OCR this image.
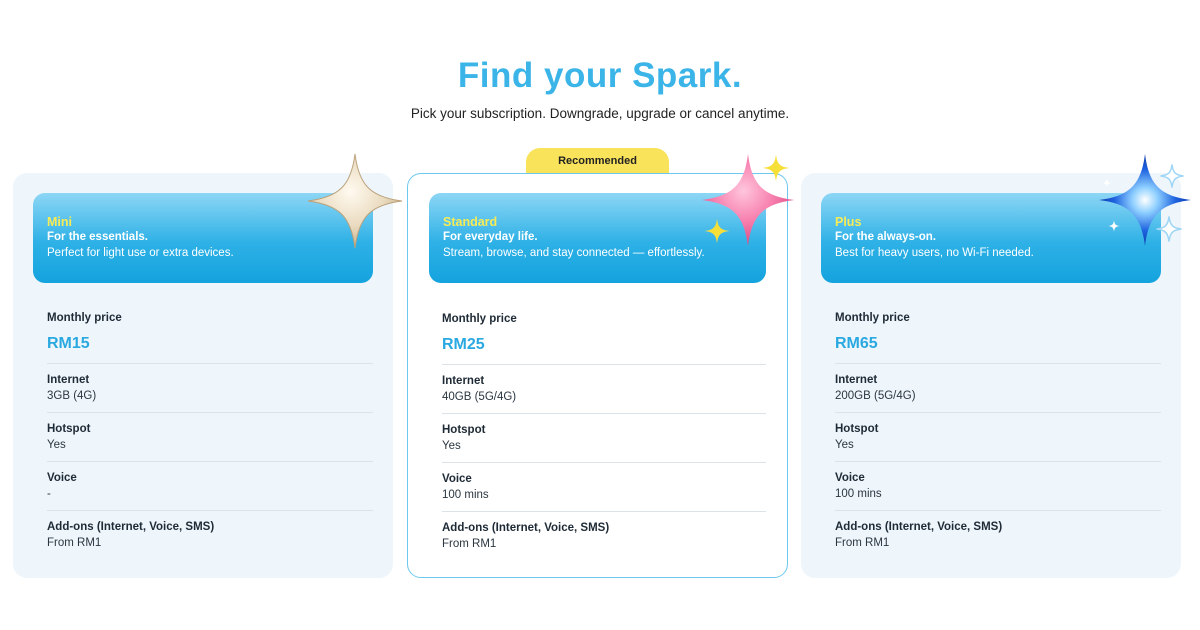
Find your Spark.

Pick your subscription. Downgrade, upgrade or cancel anytime.

Mini
For the essentials.
Perfect for light use or extra devices.
Monthly price
RM15
Internet
3GB (4G)
Hotspot
Yes
Voice
-
Add-ons (Internet, Voice, SMS)
From RM1
Recommended
Standard
For everyday life.
Stream, browse, and stay connected — effortlessly.
Monthly price
RM25
Internet
40GB (5G/4G)
Hotspot
Yes
Voice
100 mins
Add-ons (Internet, Voice, SMS)
From RM1
Plus
For the always-on.
Best for heavy users, no Wi-Fi needed.
Monthly price
RM65
Internet
200GB (5G/4G)
Hotspot
Yes
Voice
100 mins
Add-ons (Internet, Voice, SMS)
From RM1
